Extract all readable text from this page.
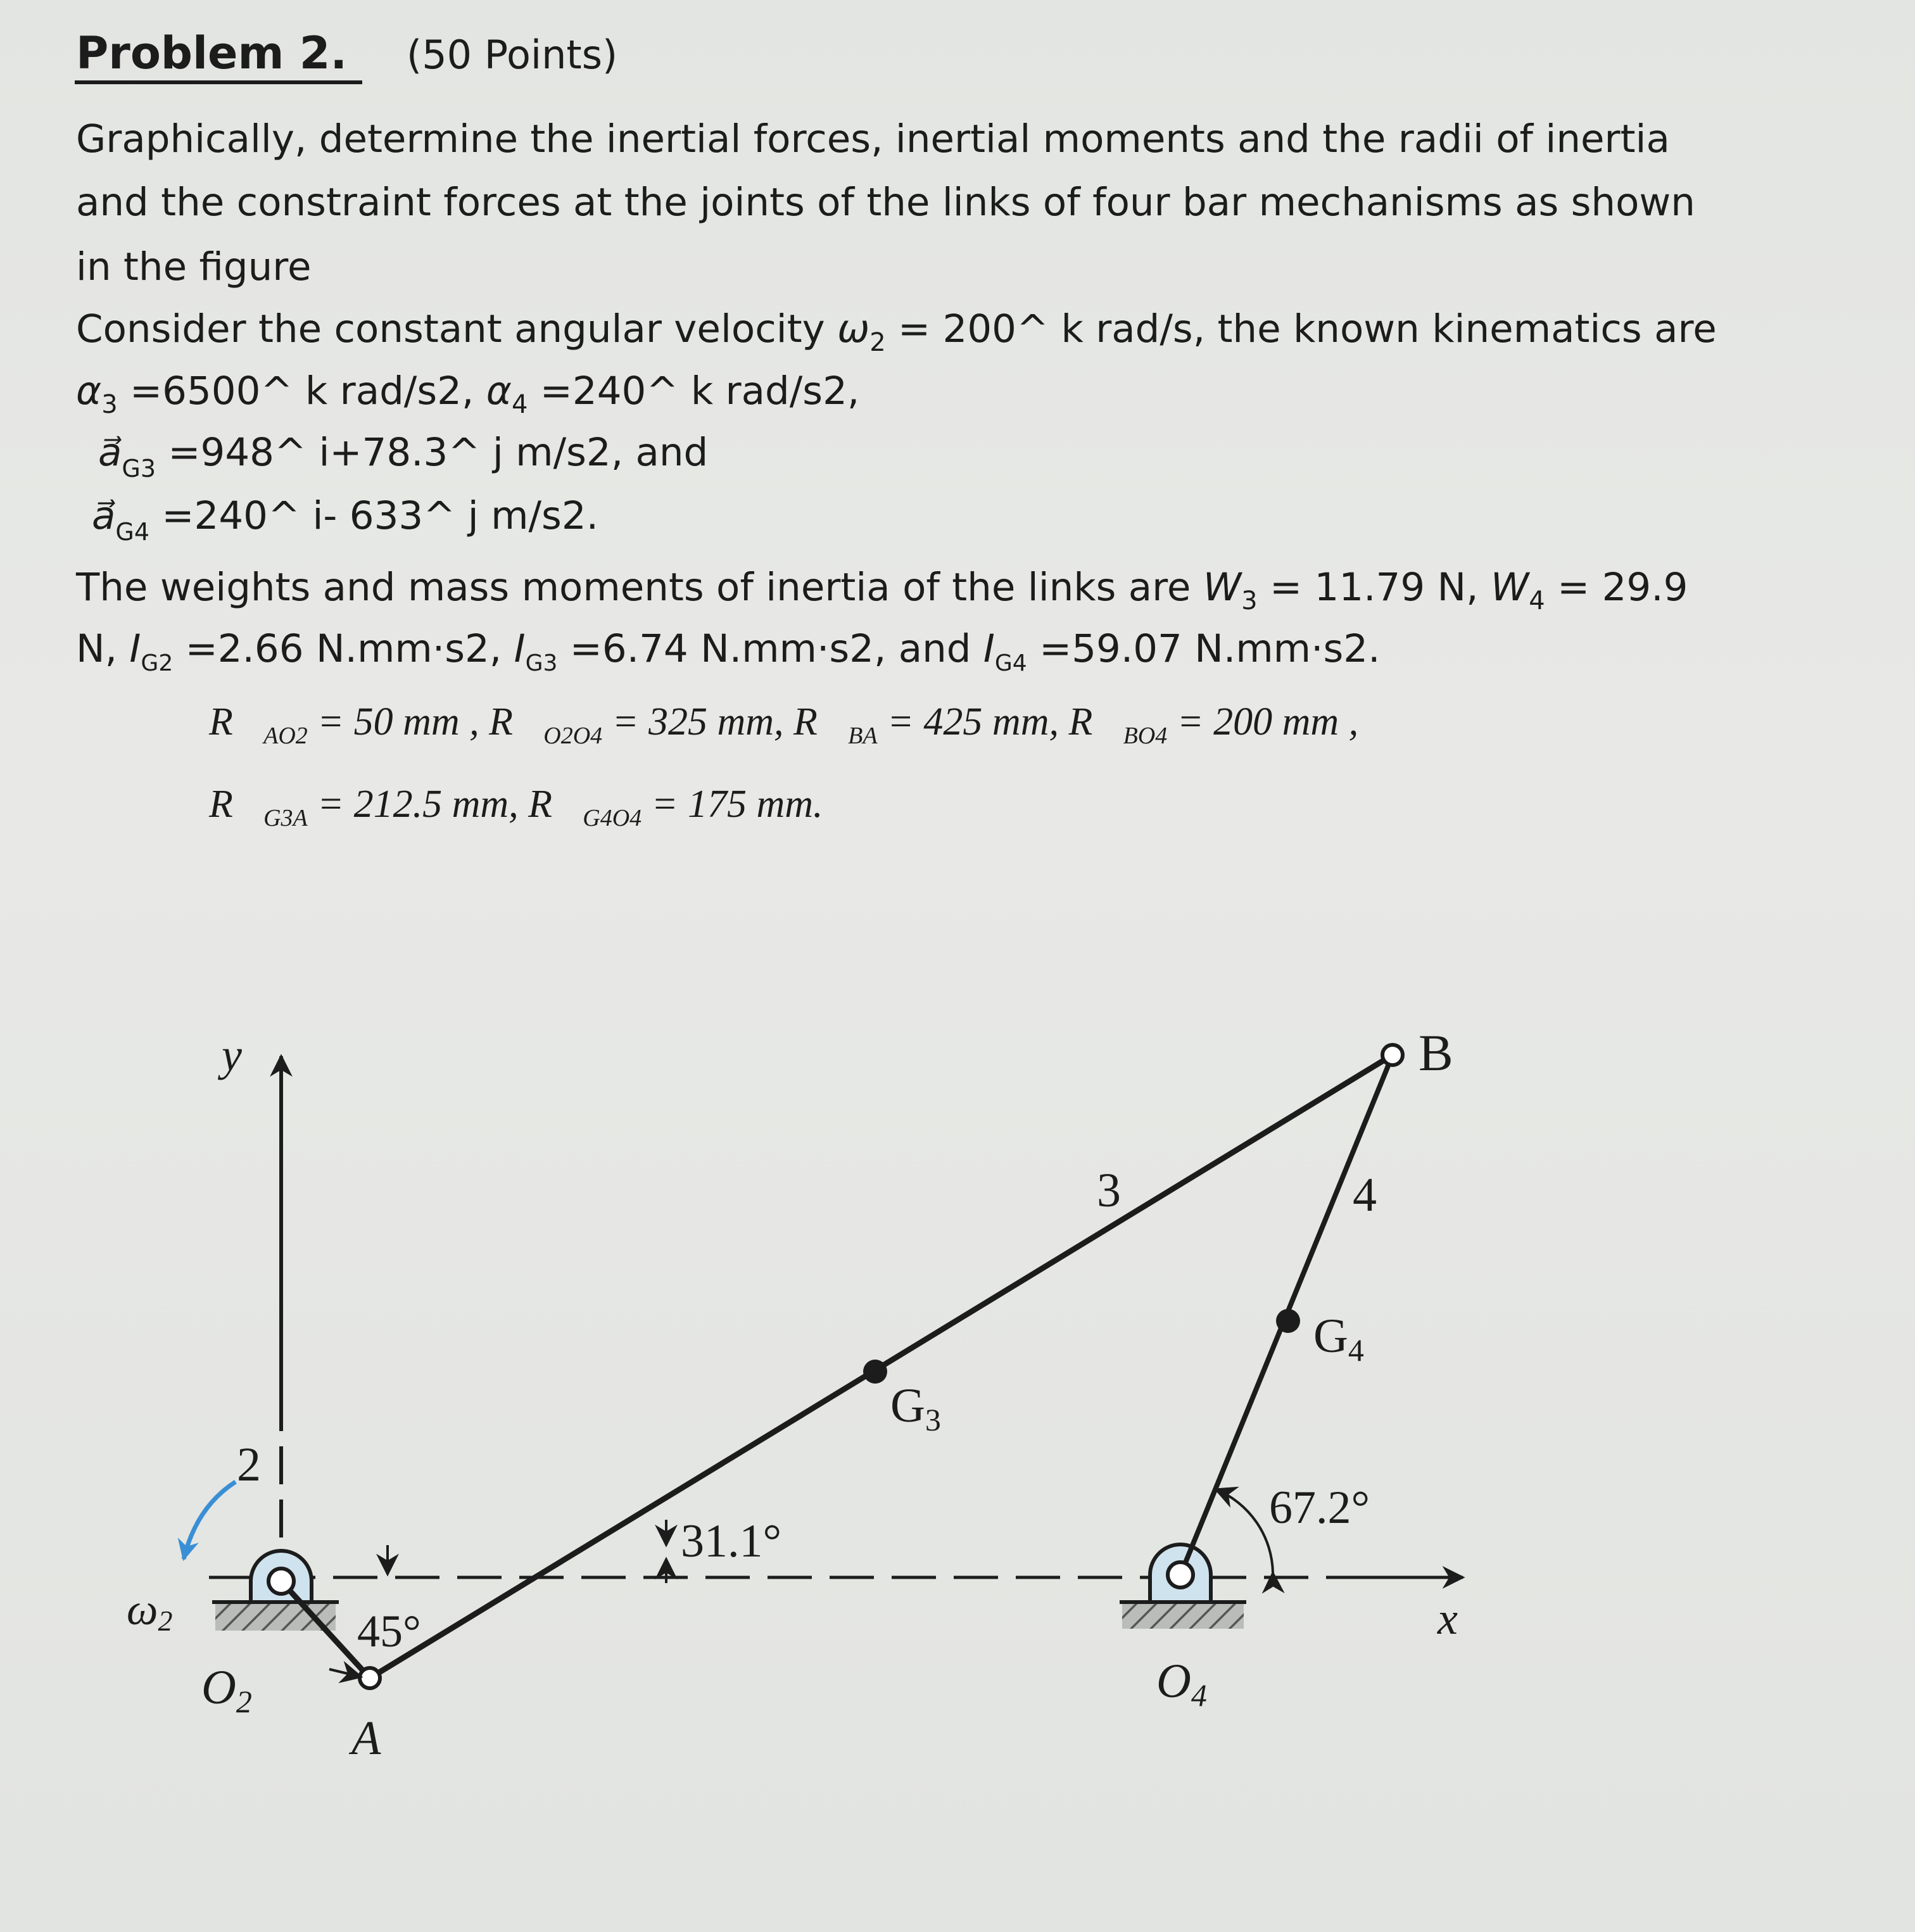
Problem 2. (50 Points)
Graphically, determine the inertial forces, inertial moments and the radii of inertia
and the constraint forces at the joints of the links of four bar mechanisms as shown
in the figure
Consider the constant angular velocity $\omega_2$ = 200^ k rad/s, the known kinematics are
$\alpha_3$ =6500^ k rad/s2, $\alpha_4$ =240^ k rad/s2,
$a⃗_{G3}$ =948^ i+78.3^ j m/s2, and
$a⃗_{G4}$ =240^ i- 633^ j m/s2.
The weights and mass moments of inertia of the links are $W_3 = 11.79$ N, $W_4 = 29.9$
N, $I_{G2} =2.66$ N.mm·s2, $I_{G3} =6.74$ N.mm·s2, and $I_{G4} =59.07$ N.mm·s2.
$R⃗_{AO2} = 50$ mm , $R⃗_{O2O4} = 325$ mm, $R⃗_{BA} = 425$ mm, $R⃗_{BO4} = 200$ mm ,
$R⃗_{G3A} = 212.5$ mm, $R⃗_{G4O4} = 175$ mm.
y
x
B
3	4
2
G4
G3
31.1°
67.2°
45°
ω2
O2
A
O4
